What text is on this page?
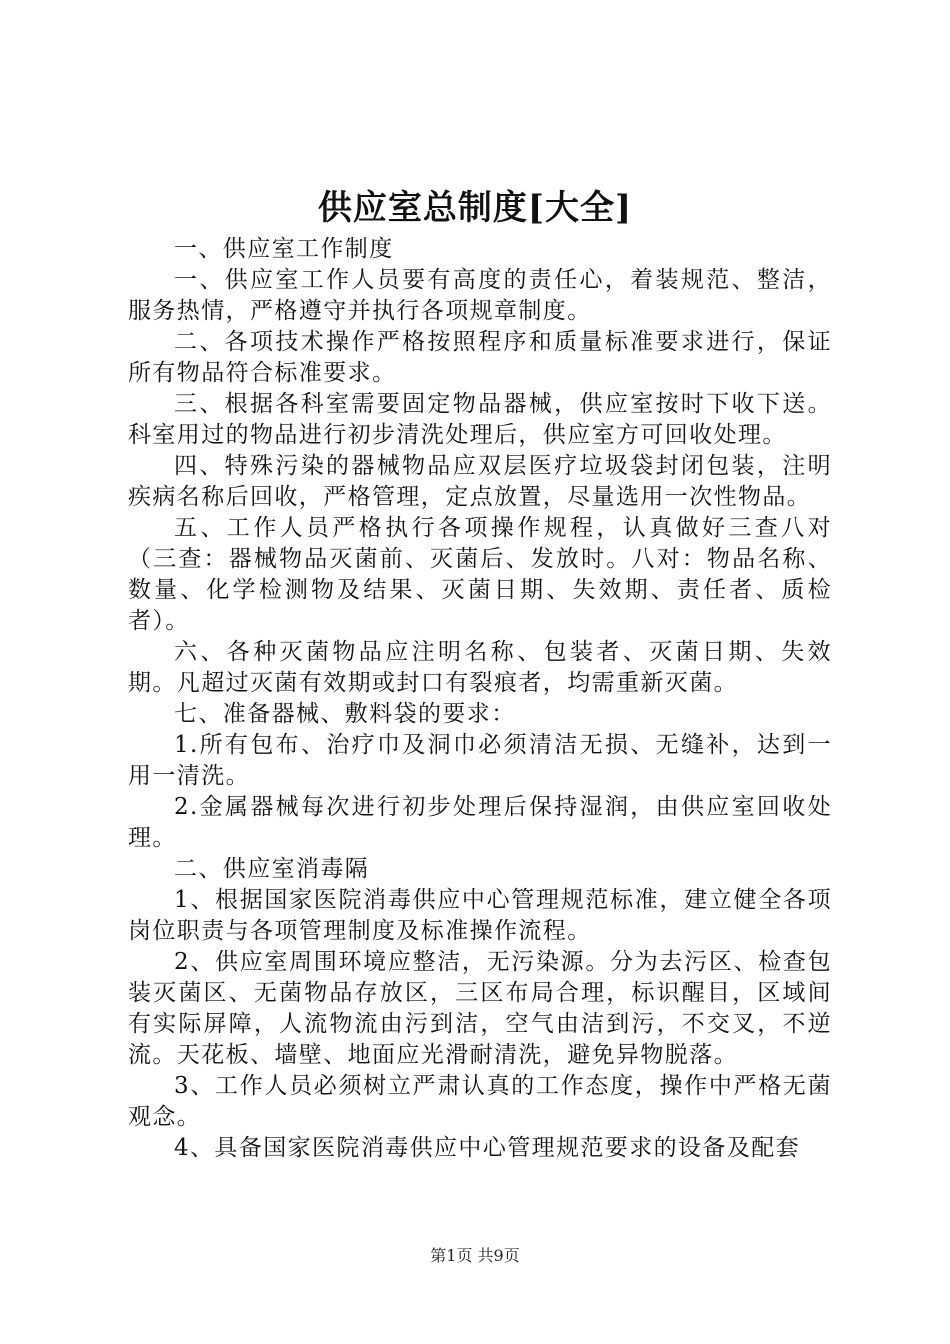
供应室总制度[大全]

一、供应室工作制度

一、供应室工作人员要有高度的责任心，着装规范、整洁，服务热情，严格遵守并执行各项规章制度。

二、各项技术操作严格按照程序和质量标准要求进行，保证所有物品符合标准要求。

三、根据各科室需要固定物品器械，供应室按时下收下送。科室用过的物品进行初步清洗处理后，供应室方可回收处理。

四、特殊污染的器械物品应双层医疗垃圾袋封闭包装，注明疾病名称后回收，严格管理，定点放置，尽量选用一次性物品。

五、工作人员严格执行各项操作规程，认真做好三查八对（三查：器械物品灭菌前、灭菌后、发放时。八对：物品名称、数量、化学检测物及结果、灭菌日期、失效期、责任者、质检者）。

六、各种灭菌物品应注明名称、包装者、灭菌日期、失效期。凡超过灭菌有效期或封口有裂痕者，均需重新灭菌。

七、准备器械、敷料袋的要求：

1.所有包布、治疗巾及洞巾必须清洁无损、无缝补，达到一用一清洗。

2.金属器械每次进行初步处理后保持湿润，由供应室回收处理。

二、供应室消毒隔

1、根据国家医院消毒供应中心管理规范标准，建立健全各项岗位职责与各项管理制度及标准操作流程。

2、供应室周围环境应整洁，无污染源。分为去污区、检查包装灭菌区、无菌物品存放区，三区布局合理，标识醒目，区域间有实际屏障，人流物流由污到洁，空气由洁到污，不交叉，不逆流。天花板、墙壁、地面应光滑耐清洗，避免异物脱落。

3、工作人员必须树立严肃认真的工作态度，操作中严格无菌观念。

4、具备国家医院消毒供应中心管理规范要求的设备及配套

第1页 共9页
